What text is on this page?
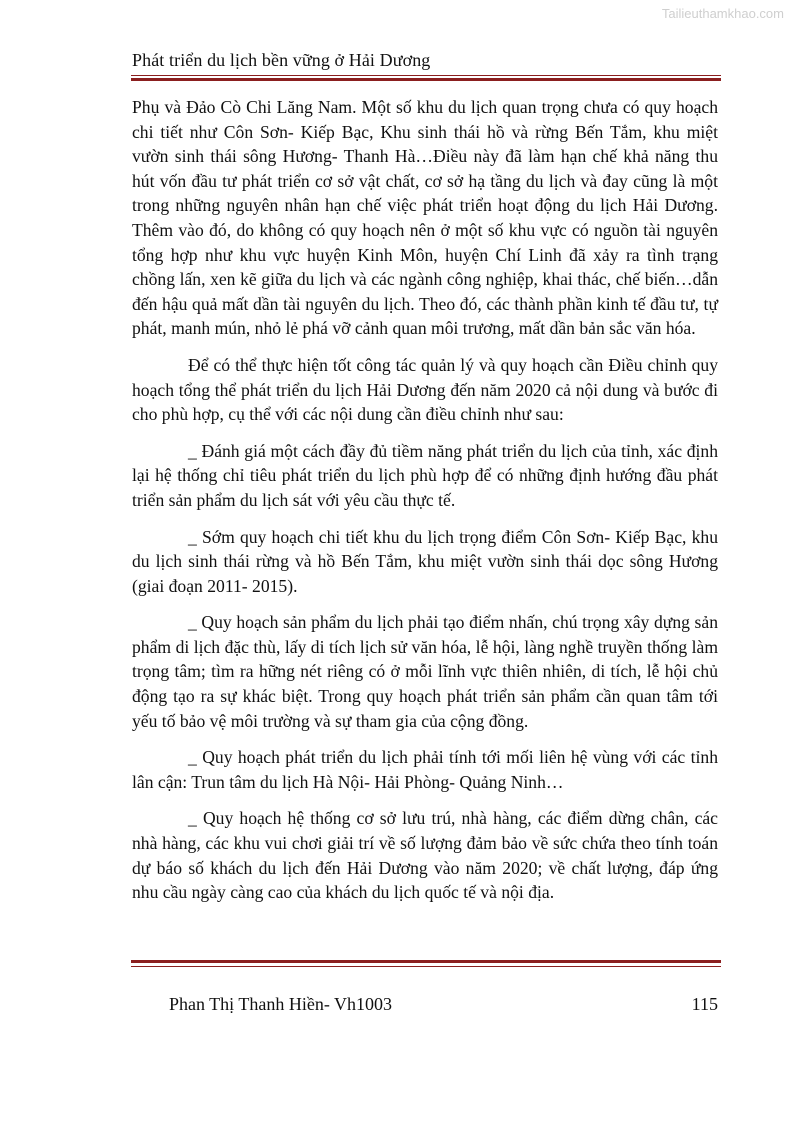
Tailieuthamkhao.com
Phát triển du lịch bền vững ở Hải Dương

Phụ và Đảo Cò Chi Lăng Nam. Một số khu du lịch quan trọng chưa có quy hoạch chi tiết như Côn Sơn- Kiếp Bạc, Khu sinh thái hồ và rừng Bến Tắm, khu miệt vườn sinh thái sông Hương- Thanh Hà…Điều này đã làm hạn chế khả năng thu hút vốn đầu tư phát triển cơ sở vật chất, cơ sở hạ tầng du lịch và đay cũng là một trong những nguyên nhân hạn chế việc phát triển hoạt động du lịch Hải Dương. Thêm vào đó, do không có quy hoạch nên ở một số khu vực có nguồn tài nguyên tổng hợp như khu vực huyện Kinh Môn, huyện Chí Linh đã xảy ra tình trạng chồng lấn, xen kẽ giữa du lịch và các ngành công nghiệp, khai thác, chế biến…dẫn đến hậu quả mất dần tài nguyên du lịch. Theo đó, các thành phần kinh tế đầu tư, tự phát, manh mún, nhỏ lẻ phá vỡ cảnh quan môi trương, mất dần bản sắc văn hóa.

Để có thể thực hiện tốt công tác quản lý và quy hoạch cần Điều chỉnh quy hoạch tổng thể phát triển du lịch Hải Dương đến năm 2020 cả nội dung và bước đi cho phù hợp, cụ thể với các nội dung cần điều chỉnh như sau:

_ Đánh giá một cách đầy đủ tiềm năng phát triển du lịch của tỉnh, xác định lại hệ thống chỉ tiêu phát triển du lịch phù hợp để có những định hướng đầu phát triển sản phẩm du lịch sát với yêu cầu thực tế.

_ Sớm quy hoạch chi tiết khu du lịch trọng điểm Côn Sơn- Kiếp Bạc, khu du lịch sinh thái rừng và hồ Bến Tắm, khu miệt vườn sinh thái dọc sông Hương (giai đoạn 2011- 2015).

_ Quy hoạch sản phẩm du lịch phải tạo điểm nhấn, chú trọng xây dựng sản phẩm di lịch đặc thù, lấy di tích lịch sử văn hóa, lễ hội, làng nghề truyền thống làm trọng tâm; tìm ra hững nét riêng có ở mỗi lĩnh vực thiên nhiên, di tích, lễ hội chủ động tạo ra sự khác biệt. Trong quy hoạch phát triển sản phẩm cần quan tâm tới yếu tố bảo vệ môi trường và sự tham gia của cộng đồng.

_ Quy hoạch phát triển du lịch phải tính tới mối liên hệ vùng với các tỉnh lân cận: Trun tâm du lịch Hà Nội- Hải Phòng- Quảng Ninh…

_ Quy hoạch hệ thống cơ sở lưu trú, nhà hàng, các điểm dừng chân, các nhà hàng, các khu vui chơi giải trí về số lượng đảm bảo về sức chứa theo tính toán dự báo số khách du lịch đến Hải Dương vào năm 2020; về chất lượng, đáp ứng nhu cầu ngày càng cao của khách du lịch quốc tế và nội địa.

Phan Thị Thanh Hiền- Vh1003	115
